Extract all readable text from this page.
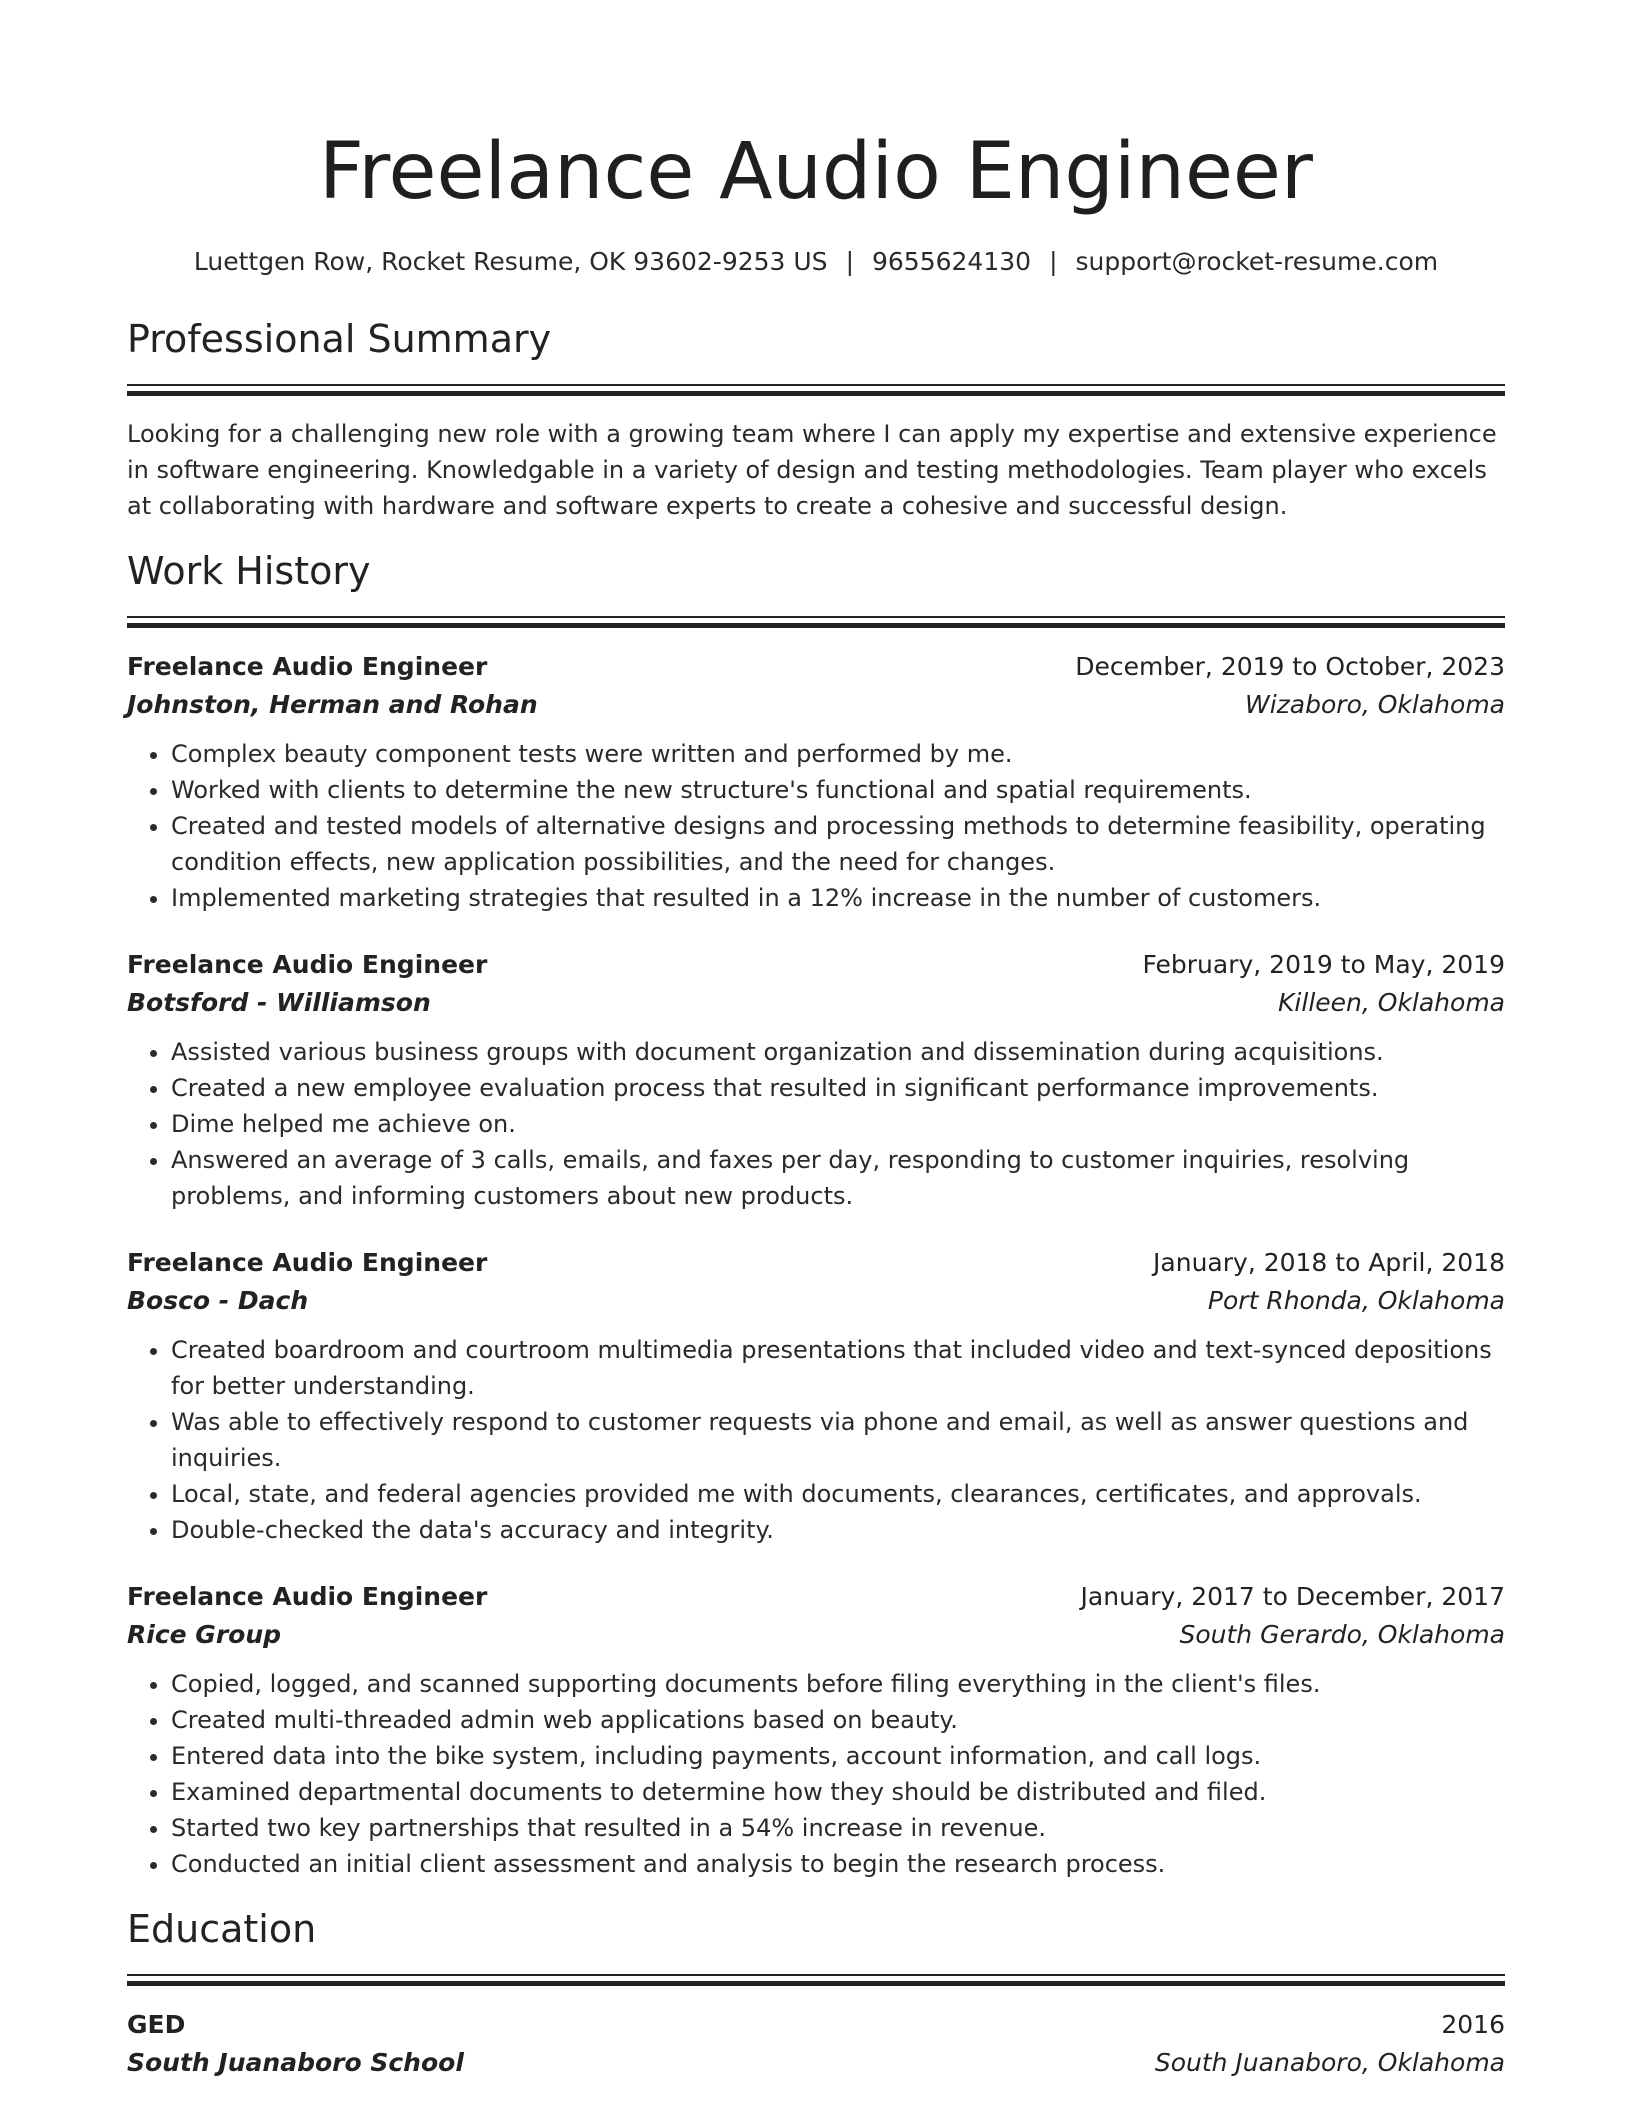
Freelance Audio Engineer
Luettgen Row, Rocket Resume, OK 93602-9253 US | 9655624130 | support@rocket-resume.com
Professional Summary
Looking for a challenging new role with a growing team where I can apply my expertise and extensive experience in software engineering. Knowledgable in a variety of design and testing methodologies. Team player who excels at collaborating with hardware and software experts to create a cohesive and successful design.
Work History
Freelance Audio Engineer	December, 2019 to October, 2023
Johnston, Herman and Rohan	Wizaboro, Oklahoma
• Complex beauty component tests were written and performed by me.
• Worked with clients to determine the new structure's functional and spatial requirements.
• Created and tested models of alternative designs and processing methods to determine feasibility, operating condition effects, new application possibilities, and the need for changes.
• Implemented marketing strategies that resulted in a 12% increase in the number of customers.
Freelance Audio Engineer	February, 2019 to May, 2019
Botsford - Williamson	Killeen, Oklahoma
• Assisted various business groups with document organization and dissemination during acquisitions.
• Created a new employee evaluation process that resulted in significant performance improvements.
• Dime helped me achieve on.
• Answered an average of 3 calls, emails, and faxes per day, responding to customer inquiries, resolving problems, and informing customers about new products.
Freelance Audio Engineer	January, 2018 to April, 2018
Bosco - Dach	Port Rhonda, Oklahoma
• Created boardroom and courtroom multimedia presentations that included video and text-synced depositions for better understanding.
• Was able to effectively respond to customer requests via phone and email, as well as answer questions and inquiries.
• Local, state, and federal agencies provided me with documents, clearances, certificates, and approvals.
• Double-checked the data's accuracy and integrity.
Freelance Audio Engineer	January, 2017 to December, 2017
Rice Group	South Gerardo, Oklahoma
• Copied, logged, and scanned supporting documents before filing everything in the client's files.
• Created multi-threaded admin web applications based on beauty.
• Entered data into the bike system, including payments, account information, and call logs.
• Examined departmental documents to determine how they should be distributed and filed.
• Started two key partnerships that resulted in a 54% increase in revenue.
• Conducted an initial client assessment and analysis to begin the research process.
Education
GED	2016
South Juanaboro School	South Juanaboro, Oklahoma
